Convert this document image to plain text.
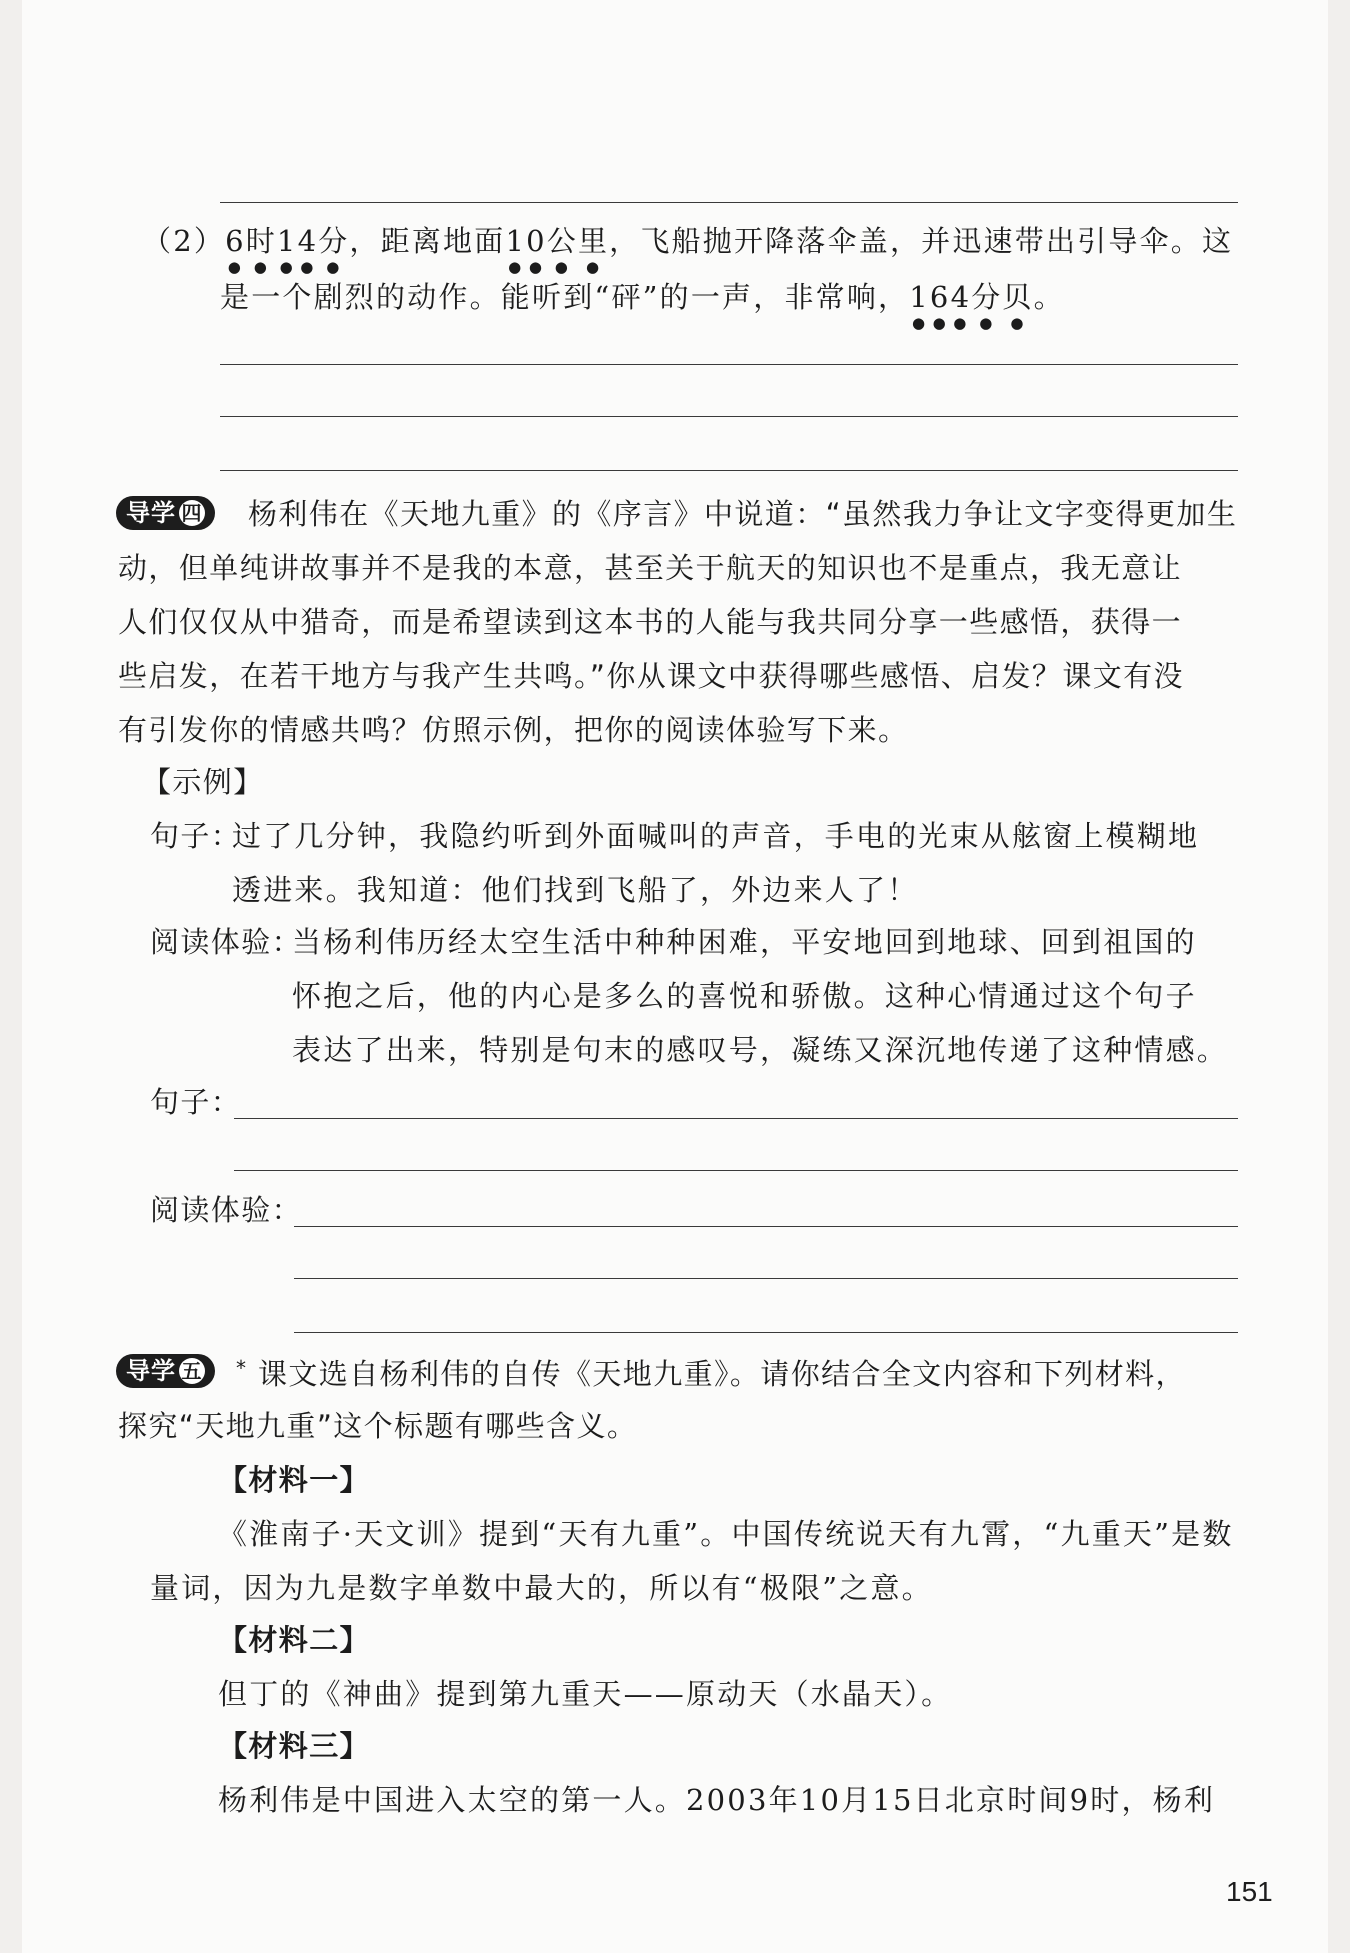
（2）6时14分，距离地面10公里，飞船抛开降落伞盖，并迅速带出引导伞。这
是一个剧烈的动作。能听到“砰”的一声，非常响，164分贝。
导学 四	杨利伟在《天地九重》的《序言》中说道：“虽然我力争让文字变得更加生
动，但单纯讲故事并不是我的本意，甚至关于航天的知识也不是重点，我无意让
人们仅仅从中猎奇，而是希望读到这本书的人能与我共同分享一些感悟，获得一
些启发，在若干地方与我产生共鸣。”你从课文中获得哪些感悟、启发？课文有没
有引发你的情感共鸣？仿照示例，把你的阅读体验写下来。
【示例】
句子：
过了几分钟，我隐约听到外面喊叫的声音，手电的光束从舷窗上模糊地
透进来。我知道：他们找到飞船了，外边来人了！
阅读体验：
当杨利伟历经太空生活中种种困难，平安地回到地球、回到祖国的
怀抱之后，他的内心是多么的喜悦和骄傲。这种心情通过这个句子
表达了出来，特别是句末的感叹号，凝练又深沉地传递了这种情感。
句子：
阅读体验：
导学 五	* 课文选自杨利伟的自传《天地九重》。请你结合全文内容和下列材料，
探究“天地九重”这个标题有哪些含义。
【材料一】
《淮南子·天文训》提到“天有九重”。中国传统说天有九霄，“九重天”是数
量词，因为九是数字单数中最大的，所以有“极限”之意。
【材料二】
但丁的《神曲》提到第九重天——原动天（水晶天）。
【材料三】
杨利伟是中国进入太空的第一人。2003年10月15日北京时间9时，杨利
151
